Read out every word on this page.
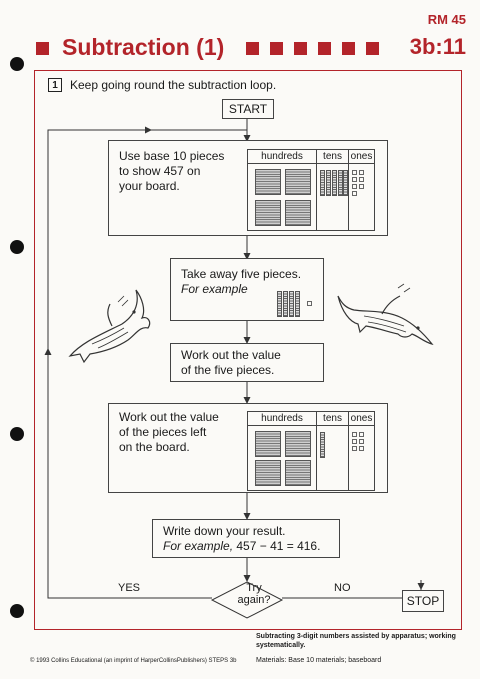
RM 45
Subtraction (1)	3b:11
1	Keep going round the subtraction loop.
START
Use base 10 pieces
to show 457 on
your board.
hundreds	tens ones
Take away five pieces.
For example
Work out the value
of the five pieces.
Work out the value
of the pieces left
on the board.
hundreds	tens ones
Write down your result.
For example, 457 − 41 = 416.
Try
again?
YES	NO
STOP
Subtracting 3-digit numbers assisted by apparatus; working systematically.
© 1993 Collins Educational (an imprint of HarperCollinsPublishers) STEPS 3b	Materials: Base 10 materials; baseboard
